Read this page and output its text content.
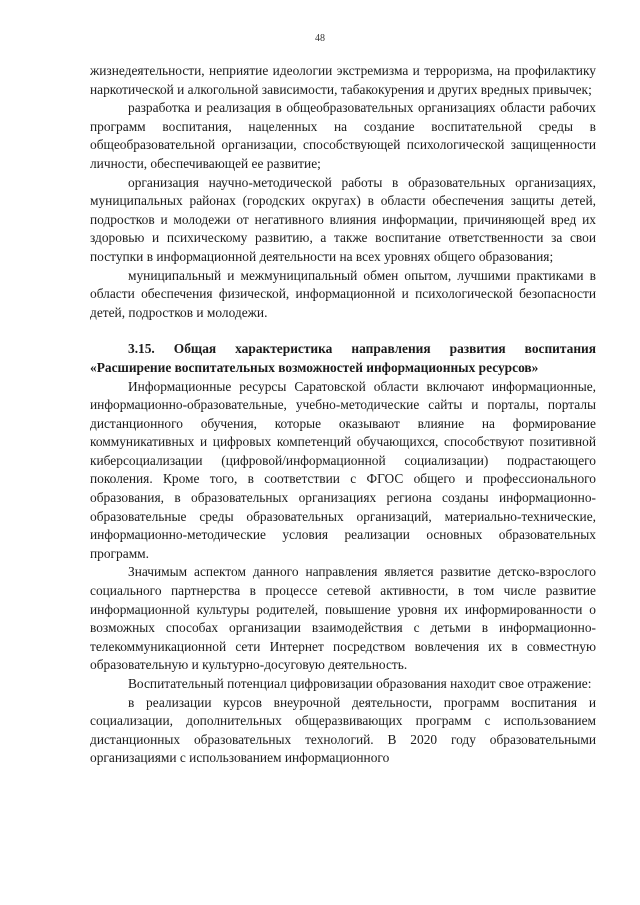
48

жизнедеятельности, неприятие идеологии экстремизма и терроризма, на профилактику наркотической и алкогольной зависимости, табакокурения и других вредных привычек;

разработка и реализация в общеобразовательных организациях области рабочих программ воспитания, нацеленных на создание воспитательной среды в общеобразовательной организации, способствующей психологической защищенности личности, обеспечивающей ее развитие;

организация научно-методической работы в образовательных организациях, муниципальных районах (городских округах) в области обеспечения защиты детей, подростков и молодежи от негативного влияния информации, причиняющей вред их здоровью и психическому развитию, а также воспитание ответственности за свои поступки в информационной деятельности на всех уровнях общего образования;

муниципальный и межмуниципальный обмен опытом, лучшими практиками в области обеспечения физической, информационной и психологической безопасности детей, подростков и молодежи.

3.15. Общая характеристика направления развития воспитания «Расширение воспитательных возможностей информационных ресурсов»

Информационные ресурсы Саратовской области включают информационные, информационно-образовательные, учебно-методические сайты и порталы, порталы дистанционного обучения, которые оказывают влияние на формирование коммуникативных и цифровых компетенций обучающихся, способствуют позитивной киберсоциализации (цифровой/информационной социализации) подрастающего поколения. Кроме того, в соответствии с ФГОС общего и профессионального образования, в образовательных организациях региона созданы информационно-образовательные среды образовательных организаций, материально-технические, информационно-методические условия реализации основных образовательных программ.

Значимым аспектом данного направления является развитие детско-взрослого социального партнерства в процессе сетевой активности, в том числе развитие информационной культуры родителей, повышение уровня их информированности о возможных способах организации взаимодействия с детьми в информационно-телекоммуникационной сети Интернет посредством вовлечения их в совместную образовательную и культурно-досуговую деятельность.

Воспитательный потенциал цифровизации образования находит свое отражение:

в реализации курсов внеурочной деятельности, программ воспитания и социализации, дополнительных общеразвивающих программ с использованием дистанционных образовательных технологий. В 2020 году образовательными организациями с использованием информационного
